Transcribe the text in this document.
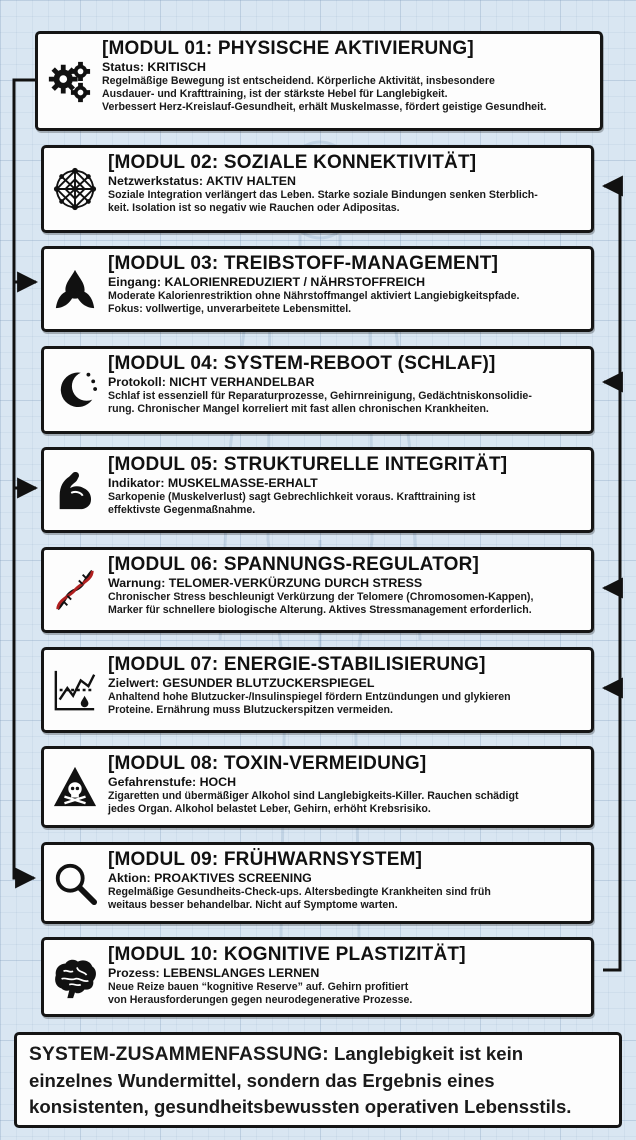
[MODUL 01: PHYSISCHE AKTIVIERUNG]
Status: KRITISCH
Regelmäßige Bewegung ist entscheidend. Körperliche Aktivität, insbesondere
Ausdauer- und Krafttraining, ist der stärkste Hebel für Langlebigkeit.
Verbessert Herz-Kreislauf-Gesundheit, erhält Muskelmasse, fördert geistige Gesundheit.
[MODUL 02: SOZIALE KONNEKTIVITÄT]
Netzwerkstatus: AKTIV HALTEN
Soziale Integration verlängert das Leben. Starke soziale Bindungen senken Sterblich-
keit. Isolation ist so negativ wie Rauchen oder Adipositas.
[MODUL 03: TREIBSTOFF-MANAGEMENT]
Eingang: KALORIENREDUZIERT / NÄHRSTOFFREICH
Moderate Kalorienrestriktion ohne Nährstoffmangel aktiviert Langiebigkeitspfade.
Fokus: vollwertige, unverarbeitete Lebensmittel.
[MODUL 04: SYSTEM-REBOOT (SCHLAF)]
Protokoll: NICHT VERHANDELBAR
Schlaf ist essenziell für Reparaturprozesse, Gehirnreinigung, Gedächtniskonsolidie-
rung. Chronischer Mangel korreliert mit fast allen chronischen Krankheiten.
[MODUL 05: STRUKTURELLE INTEGRITÄT]
Indikator: MUSKELMASSE-ERHALT
Sarkopenie (Muskelverlust) sagt Gebrechlichkeit voraus. Krafttraining ist
effektivste Gegenmaßnahme.
[MODUL 06: SPANNUNGS-REGULATOR]
Warnung: TELOMER-VERKÜRZUNG DURCH STRESS
Chronischer Stress beschleunigt Verkürzung der Telomere (Chromosomen-Kappen),
Marker für schnellere biologische Alterung. Aktives Stressmanagement erforderlich.
[MODUL 07: ENERGIE-STABILISIERUNG]
Zielwert: GESUNDER BLUTZUCKERSPIEGEL
Anhaltend hohe Blutzucker-/Insulinspiegel fördern Entzündungen und glykieren
Proteine. Ernährung muss Blutzuckerspitzen vermeiden.
[MODUL 08: TOXIN-VERMEIDUNG]
Gefahrenstufe: HOCH
Zigaretten und übermäßiger Alkohol sind Langlebigkeits-Killer. Rauchen schädigt
jedes Organ. Alkohol belastet Leber, Gehirn, erhöht Krebsrisiko.
[MODUL 09: FRÜHWARNSYSTEM]
Aktion: PROAKTIVES SCREENING
Regelmäßige Gesundheits-Check-ups. Altersbedingte Krankheiten sind früh
weitaus besser behandelbar. Nicht auf Symptome warten.
[MODUL 10: KOGNITIVE PLASTIZITÄT]
Prozess: LEBENSLANGES LERNEN
Neue Reize bauen “kognitive Reserve” auf. Gehirn profitiert
von Herausforderungen gegen neurodegenerative Prozesse.
SYSTEM-ZUSAMMENFASSUNG: Langlebigkeit ist kein
einzelnes Wundermittel, sondern das Ergebnis eines
konsistenten, gesundheitsbewussten operativen Lebensstils.
